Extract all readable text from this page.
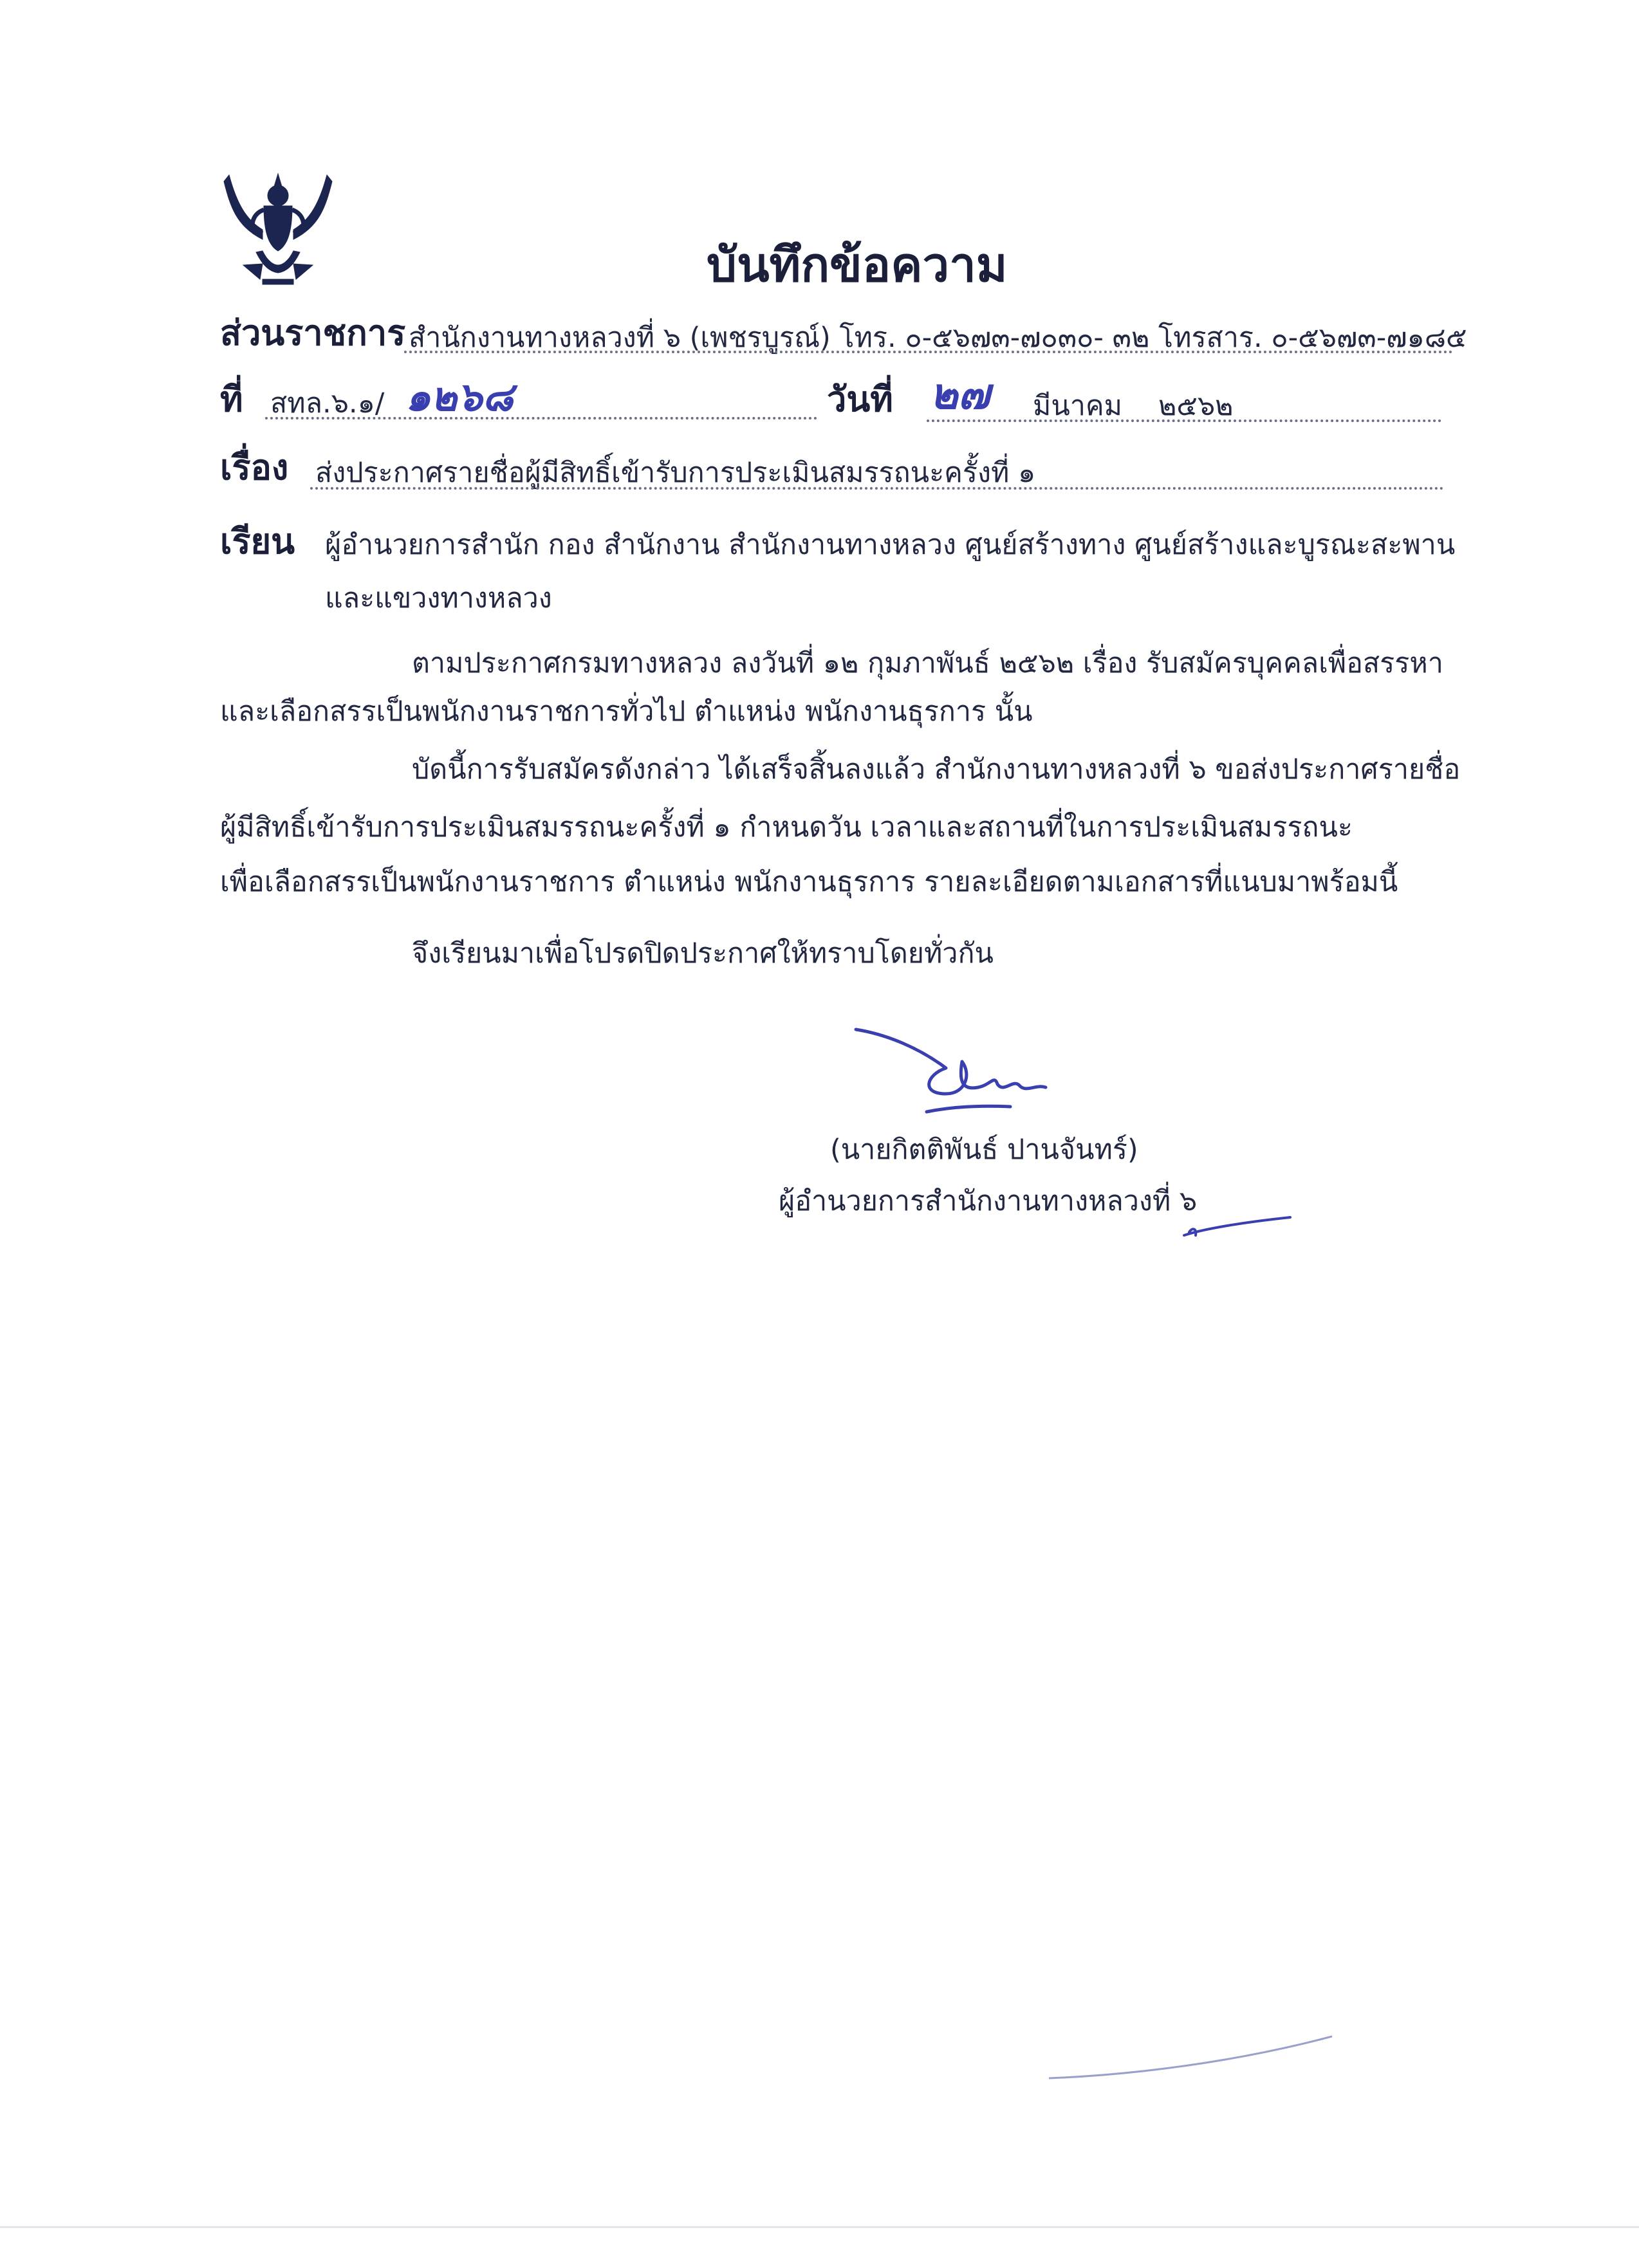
บันทึกข้อความ
ส่วนราชการ สำนักงานทางหลวงที่ ๖ (เพชรบูรณ์) โทร. ๐-๕๖๗๓-๗๐๓๐- ๓๒ โทรสาร. ๐-๕๖๗๓-๗๑๘๕
ที่ สทล.๖.๑/ ๑๒๖๘	วันที่ ๒๗ มีนาคม ๒๕๖๒
เรื่อง ส่งประกาศรายชื่อผู้มีสิทธิ์เข้ารับการประเมินสมรรถนะครั้งที่ ๑
เรียน ผู้อำนวยการสำนัก กอง สำนักงาน สำนักงานทางหลวง ศูนย์สร้างทาง ศูนย์สร้างและบูรณะสะพาน
และแขวงทางหลวง
ตามประกาศกรมทางหลวง ลงวันที่ ๑๒ กุมภาพันธ์ ๒๕๖๒ เรื่อง รับสมัครบุคคลเพื่อสรรหา
และเลือกสรรเป็นพนักงานราชการทั่วไป ตำแหน่ง พนักงานธุรการ นั้น
บัดนี้การรับสมัครดังกล่าว ได้เสร็จสิ้นลงแล้ว สำนักงานทางหลวงที่ ๖ ขอส่งประกาศรายชื่อ
ผู้มีสิทธิ์เข้ารับการประเมินสมรรถนะครั้งที่ ๑ กำหนดวัน เวลาและสถานที่ในการประเมินสมรรถนะ
เพื่อเลือกสรรเป็นพนักงานราชการ ตำแหน่ง พนักงานธุรการ รายละเอียดตามเอกสารที่แนบมาพร้อมนี้
จึงเรียนมาเพื่อโปรดปิดประกาศให้ทราบโดยทั่วกัน
(นายกิตติพันธ์ ปานจันทร์)
ผู้อำนวยการสำนักงานทางหลวงที่ ๖
